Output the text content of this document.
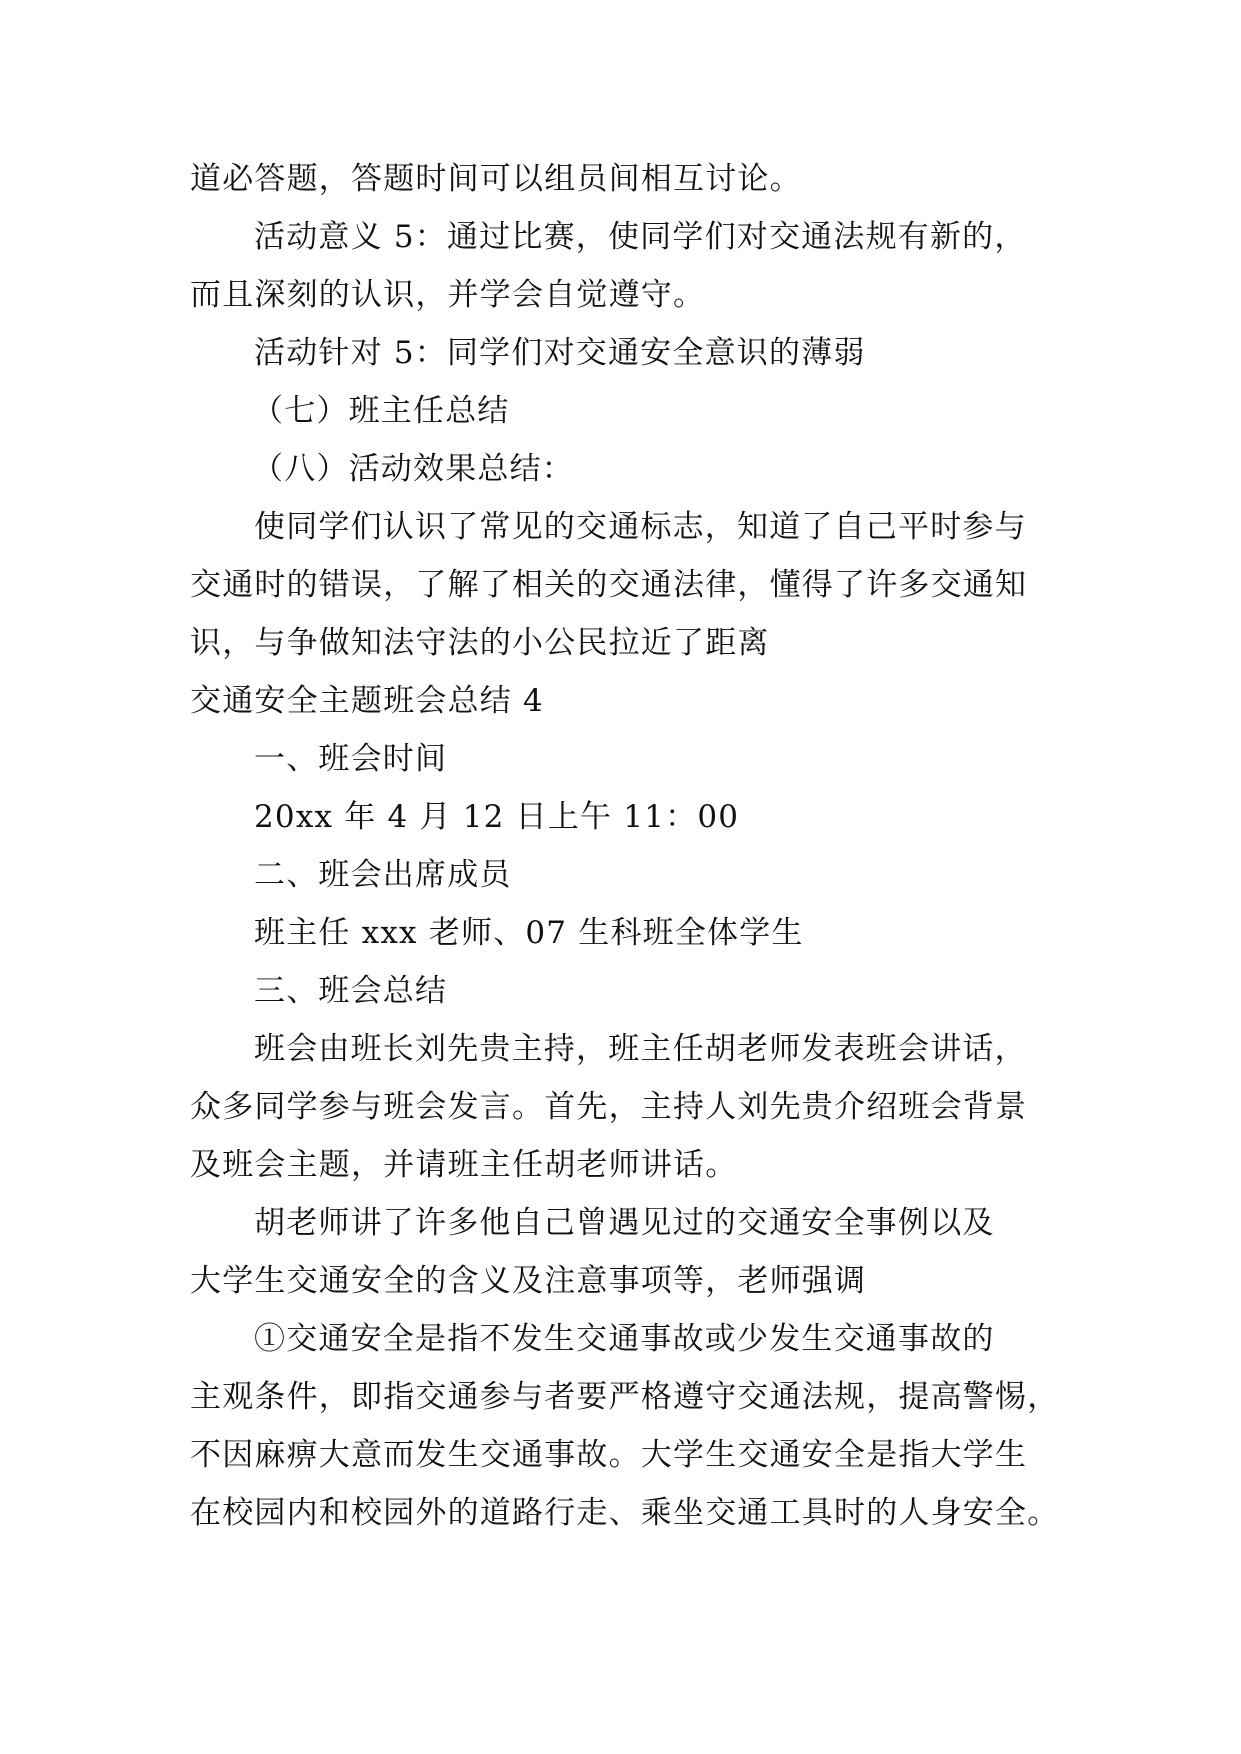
道必答题，答题时间可以组员间相互讨论。
活动意义 5：通过比赛，使同学们对交通法规有新的，
而且深刻的认识，并学会自觉遵守。
活动针对 5：同学们对交通安全意识的薄弱
（七）班主任总结
（八）活动效果总结：
使同学们认识了常见的交通标志，知道了自己平时参与
交通时的错误，了解了相关的交通法律，懂得了许多交通知
识，与争做知法守法的小公民拉近了距离
交通安全主题班会总结 4
一、班会时间
20xx 年 4 月 12 日上午 11：00
二、班会出席成员
班主任 xxx 老师、07 生科班全体学生
三、班会总结
班会由班长刘先贵主持，班主任胡老师发表班会讲话，
众多同学参与班会发言。首先，主持人刘先贵介绍班会背景
及班会主题，并请班主任胡老师讲话。
胡老师讲了许多他自己曾遇见过的交通安全事例以及
大学生交通安全的含义及注意事项等，老师强调
①交通安全是指不发生交通事故或少发生交通事故的
主观条件，即指交通参与者要严格遵守交通法规，提高警惕，
不因麻痹大意而发生交通事故。大学生交通安全是指大学生
在校园内和校园外的道路行走、乘坐交通工具时的人身安全。
